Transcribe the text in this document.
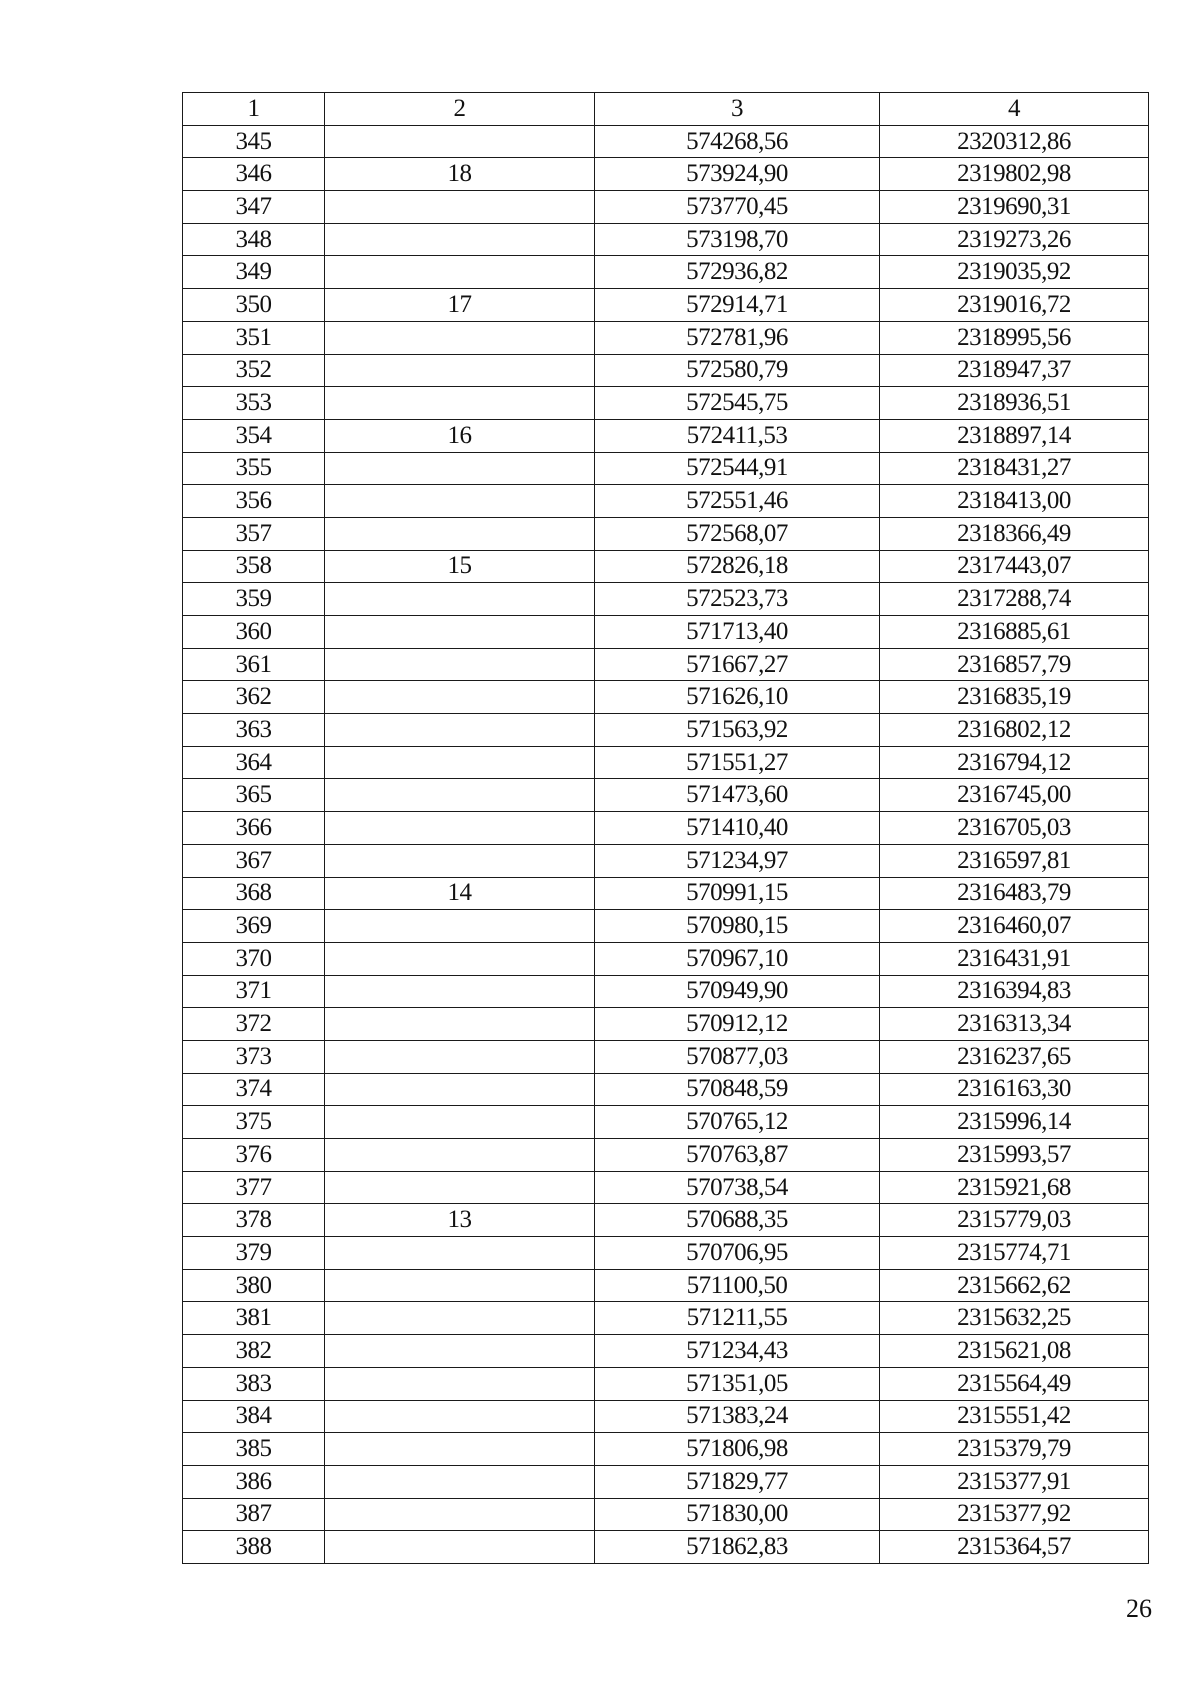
1	2	3	4
345		574268,56	2320312,86
346	18	573924,90	2319802,98
347		573770,45	2319690,31
348		573198,70	2319273,26
349		572936,82	2319035,92
350	17	572914,71	2319016,72
351		572781,96	2318995,56
352		572580,79	2318947,37
353		572545,75	2318936,51
354	16	572411,53	2318897,14
355		572544,91	2318431,27
356		572551,46	2318413,00
357		572568,07	2318366,49
358	15	572826,18	2317443,07
359		572523,73	2317288,74
360		571713,40	2316885,61
361		571667,27	2316857,79
362		571626,10	2316835,19
363		571563,92	2316802,12
364		571551,27	2316794,12
365		571473,60	2316745,00
366		571410,40	2316705,03
367		571234,97	2316597,81
368	14	570991,15	2316483,79
369		570980,15	2316460,07
370		570967,10	2316431,91
371		570949,90	2316394,83
372		570912,12	2316313,34
373		570877,03	2316237,65
374		570848,59	2316163,30
375		570765,12	2315996,14
376		570763,87	2315993,57
377		570738,54	2315921,68
378	13	570688,35	2315779,03
379		570706,95	2315774,71
380		571100,50	2315662,62
381		571211,55	2315632,25
382		571234,43	2315621,08
383		571351,05	2315564,49
384		571383,24	2315551,42
385		571806,98	2315379,79
386		571829,77	2315377,91
387		571830,00	2315377,92
388		571862,83	2315364,57
26
